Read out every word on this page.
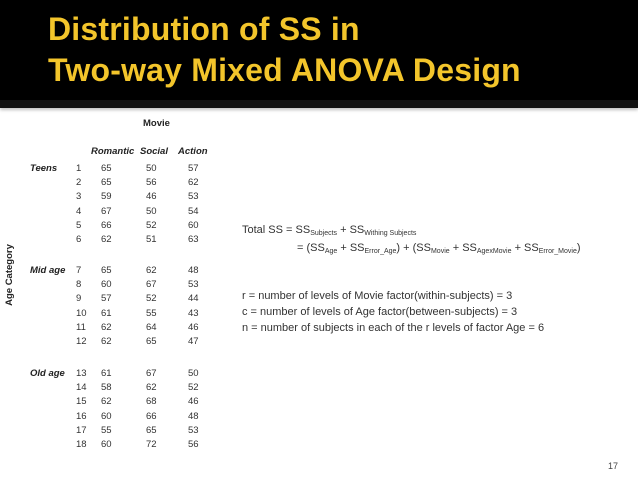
Distribution of SS in
Two-way Mixed ANOVA Design
Movie
Romantic Social Action
Age Category
Teens 1 65	50	57
2 65	56	62
3 59	46	53
4 67	50	54
5 66	52	60
6 62	51	63
Mid age 7 65	62	48
8 60	67	53
9 57	52	44
10 61	55	43
11 62	64	46
12 62	65	47
Old age 13 61	67	50
14 58	62	52
15 62	68	46
16 60	66	48
17 55	65	53
18 60	72	56
Total SS = $SS_{Subjects} + SS_{Withing Subjects}$
= $(SS_{Age} + SS_{Error\_Age}) + (SS_{Movie} + SS_{AgexMovie} + SS_{Error\_Movie})$
r = number of levels of Movie factor(within-subjects) = 3
c = number of levels of Age factor(between-subjects) = 3
n = number of subjects in each of the r levels of factor Age = 6
17
